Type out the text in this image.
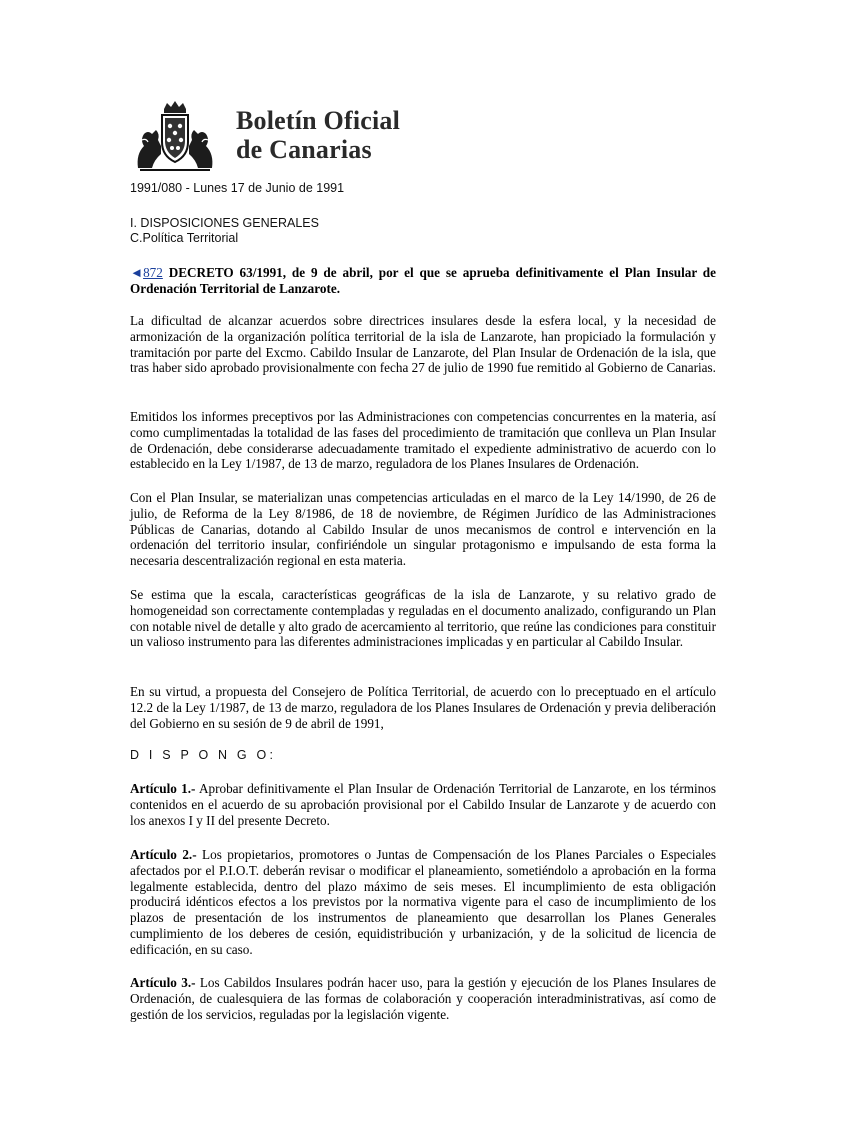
Boletín Oficial
de Canarias
1991/080 - Lunes 17 de Junio de 1991
I. DISPOSICIONES GENERALES
C.Política Territorial
◄872 DECRETO 63/1991, de 9 de abril, por el que se aprueba definitivamente el Plan Insular de Ordenación Territorial de Lanzarote.

La dificultad de alcanzar acuerdos sobre directrices insulares desde la esfera local, y la necesidad de armonización de la organización política territorial de la isla de Lanzarote, han propiciado la formulación y tramitación por parte del Excmo. Cabildo Insular de Lanzarote, del Plan Insular de Ordenación de la isla, que tras haber sido aprobado provisionalmente con fecha 27 de julio de 1990 fue remitido al Gobierno de Canarias.

Emitidos los informes preceptivos por las Administraciones con competencias concurrentes en la materia, así como cumplimentadas la totalidad de las fases del procedimiento de tramitación que conlleva un Plan Insular de Ordenación, debe considerarse adecuadamente tramitado el expediente administrativo de acuerdo con lo establecido en la Ley 1/1987, de 13 de marzo, reguladora de los Planes Insulares de Ordenación.

Con el Plan Insular, se materializan unas competencias articuladas en el marco de la Ley 14/1990, de 26 de julio, de Reforma de la Ley 8/1986, de 18 de noviembre, de Régimen Jurídico de las Administraciones Públicas de Canarias, dotando al Cabildo Insular de unos mecanismos de control e intervención en la ordenación del territorio insular, confiriéndole un singular protagonismo e impulsando de esta forma la necesaria descentralización regional en esta materia.

Se estima que la escala, características geográficas de la isla de Lanzarote, y su relativo grado de homogeneidad son correctamente contempladas y reguladas en el documento analizado, configurando un Plan con notable nivel de detalle y alto grado de acercamiento al territorio, que reúne las condiciones para constituir un valioso instrumento para las diferentes administraciones implicadas y en particular al Cabildo Insular.

En su virtud, a propuesta del Consejero de Política Territorial, de acuerdo con lo preceptuado en el artículo 12.2 de la Ley 1/1987, de 13 de marzo, reguladora de los Planes Insulares de Ordenación y previa deliberación del Gobierno en su sesión de 9 de abril de 1991,

D I S P O N G O:

Artículo 1.- Aprobar definitivamente el Plan Insular de Ordenación Territorial de Lanzarote, en los términos contenidos en el acuerdo de su aprobación provisional por el Cabildo Insular de Lanzarote y de acuerdo con los anexos I y II del presente Decreto.

Artículo 2.- Los propietarios, promotores o Juntas de Compensación de los Planes Parciales o Especiales afectados por el P.I.O.T. deberán revisar o modificar el planeamiento, sometiéndolo a aprobación en la forma legalmente establecida, dentro del plazo máximo de seis meses. El incumplimiento de esta obligación producirá idénticos efectos a los previstos por la normativa vigente para el caso de incumplimiento de los plazos de presentación de los instrumentos de planeamiento que desarrollan los Planes Generales cumplimiento de los deberes de cesión, equidistribución y urbanización, y de la solicitud de licencia de edificación, en su caso.

Artículo 3.- Los Cabildos Insulares podrán hacer uso, para la gestión y ejecución de los Planes Insulares de Ordenación, de cualesquiera de las formas de colaboración y cooperación interadministrativas, así como de gestión de los servicios, reguladas por la legislación vigente.
